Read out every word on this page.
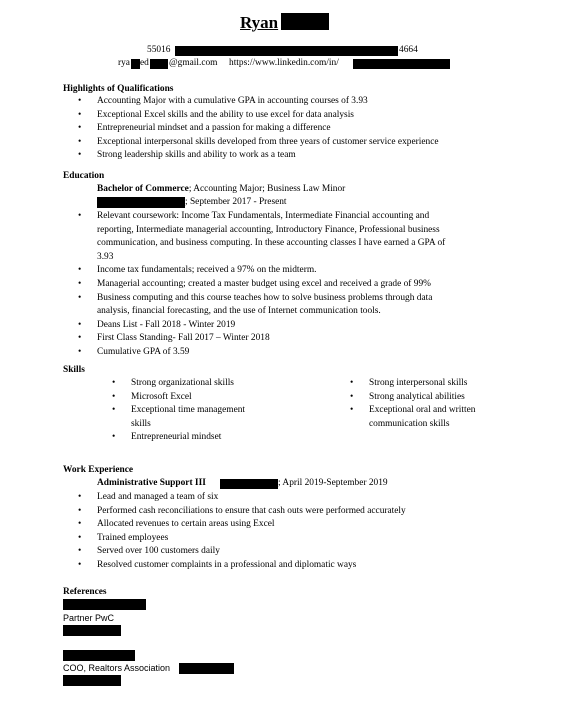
Ryan
55016	4664
rya ed @gmail.com https://www.linkedin.com/in/
Highlights of Qualifications
• Accounting Major with a cumulative GPA in accounting courses of 3.93
• Exceptional Excel skills and the ability to use excel for data analysis
• Entrepreneurial mindset and a passion for making a difference
• Exceptional interpersonal skills developed from three years of customer service experience
• Strong leadership skills and ability to work as a team
Education
Bachelor of Commerce; Accounting Major; Business Law Minor
; September 2017 - Present
• Relevant coursework: Income Tax Fundamentals, Intermediate Financial accounting and
reporting, Intermediate managerial accounting, Introductory Finance, Professional business
communication, and business computing. In these accounting classes I have earned a GPA of
3.93
• Income tax fundamentals; received a 97% on the midterm.
• Managerial accounting; created a master budget using excel and received a grade of 99%
• Business computing and this course teaches how to solve business problems through data
analysis, financial forecasting, and the use of Internet communication tools.
• Deans List - Fall 2018 - Winter 2019
• First Class Standing- Fall 2017 – Winter 2018
• Cumulative GPA of 3.59
Skills
• Strong organizational skills
• Microsoft Excel
• Exceptional time management
skills
• Entrepreneurial mindset
• Strong interpersonal skills
• Strong analytical abilities
• Exceptional oral and written
communication skills
Work Experience
Administrative Support III	; April 2019-September 2019
• Lead and managed a team of six
• Performed cash reconciliations to ensure that cash outs were performed accurately
• Allocated revenues to certain areas using Excel
• Trained employees
• Served over 100 customers daily
• Resolved customer complaints in a professional and diplomatic ways
References
Partner PwC
COO, Realtors Association
